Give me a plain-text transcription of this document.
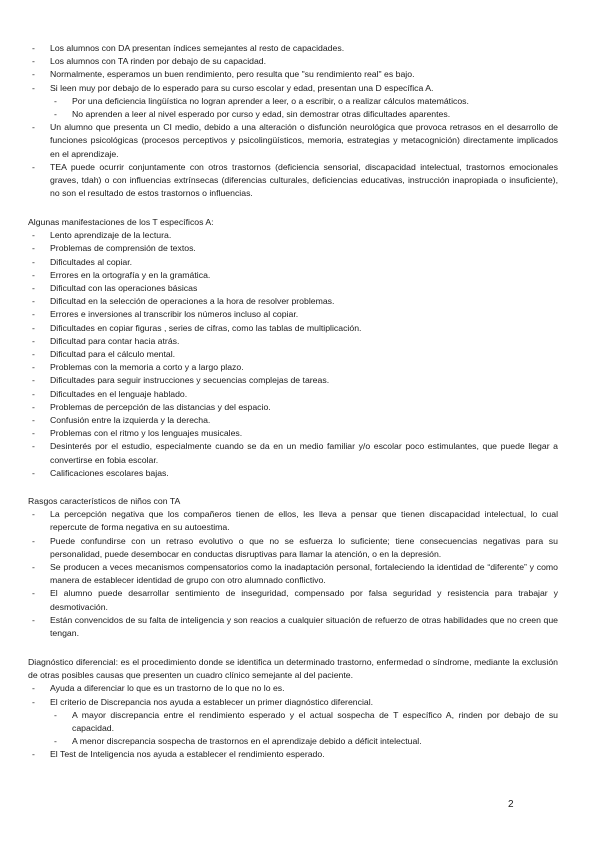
- Los alumnos con DA presentan índices semejantes al resto de capacidades.
- Los alumnos con TA rinden por debajo de su capacidad.
- Normalmente, esperamos un buen rendimiento, pero resulta que "su rendimiento real" es bajo.
- Si leen muy por debajo de lo esperado para su curso escolar y edad, presentan una D específica A.
- Por una deficiencia lingüística no logran aprender a leer, o a escribir, o a realizar cálculos matemáticos.
- No aprenden a leer al nivel esperado por curso y edad, sin demostrar otras dificultades aparentes.
- Un alumno que presenta un CI medio, debido a una alteración o disfunción neurológica que provoca retrasos en el desarrollo de funciones psicológicas (procesos perceptivos y psicolingüísticos, memoria, estrategias y metacognición) directamente implicados en el aprendizaje.
- TEA puede ocurrir conjuntamente con otros trastornos (deficiencia sensorial, discapacidad intelectual, trastornos emocionales graves, tdah) o con influencias extrínsecas (diferencias culturales, deficiencias educativas, instrucción inapropiada o insuficiente), no son el resultado de estos trastornos o influencias.
Algunas manifestaciones de los T específicos A:
- Lento aprendizaje de la lectura.
- Problemas de comprensión de textos.
- Dificultades al copiar.
- Errores en la ortografía y en la gramática.
- Dificultad con las operaciones básicas
- Dificultad en la selección de operaciones a la hora de resolver problemas.
- Errores e inversiones al transcribir los números incluso al copiar.
- Dificultades en copiar figuras , series de cifras, como las tablas de multiplicación.
- Dificultad para contar hacia atrás.
- Dificultad para el cálculo mental.
- Problemas con la memoria a corto y a largo plazo.
- Dificultades para seguir instrucciones y secuencias complejas de tareas.
- Dificultades en el lenguaje hablado.
- Problemas de percepción de las distancias y del espacio.
- Confusión entre la izquierda y la derecha.
- Problemas con el ritmo y los lenguajes musicales.
- Desinterés por el estudio, especialmente cuando se da en un medio familiar y/o escolar poco estimulantes, que puede llegar a convertirse en fobia escolar.
- Calificaciones escolares bajas.
Rasgos característicos de niños con TA
- La percepción negativa que los compañeros tienen de ellos, les lleva a pensar que tienen discapacidad intelectual, lo cual repercute de forma negativa en su autoestima.
- Puede confundirse con un retraso evolutivo o que no se esfuerza lo suficiente; tiene consecuencias negativas para su personalidad, puede desembocar en conductas disruptivas para llamar la atención, o en la depresión.
- Se producen a veces mecanismos compensatorios como la inadaptación personal, fortaleciendo la identidad de “diferente” y como manera de establecer identidad de grupo con otro alumnado conflictivo.
- El alumno puede desarrollar sentimiento de inseguridad, compensado por falsa seguridad y resistencia para trabajar y desmotivación.
- Están convencidos de su falta de inteligencia y son reacios a cualquier situación de refuerzo de otras habilidades que no creen que tengan.
Diagnóstico diferencial: es el procedimiento donde se identifica un determinado trastorno, enfermedad o síndrome, mediante la exclusión de otras posibles causas que presenten un cuadro clínico semejante al del paciente.
- Ayuda a diferenciar lo que es un trastorno de lo que no lo es.
- El criterio de Discrepancia nos ayuda a establecer un primer diagnóstico diferencial.
- A mayor discrepancia entre el rendimiento esperado y el actual sospecha de T específico A, rinden por debajo de su capacidad.
- A menor discrepancia sospecha de trastornos en el aprendizaje debido a déficit intelectual.
- El Test de Inteligencia nos ayuda a establecer el rendimiento esperado.
2
